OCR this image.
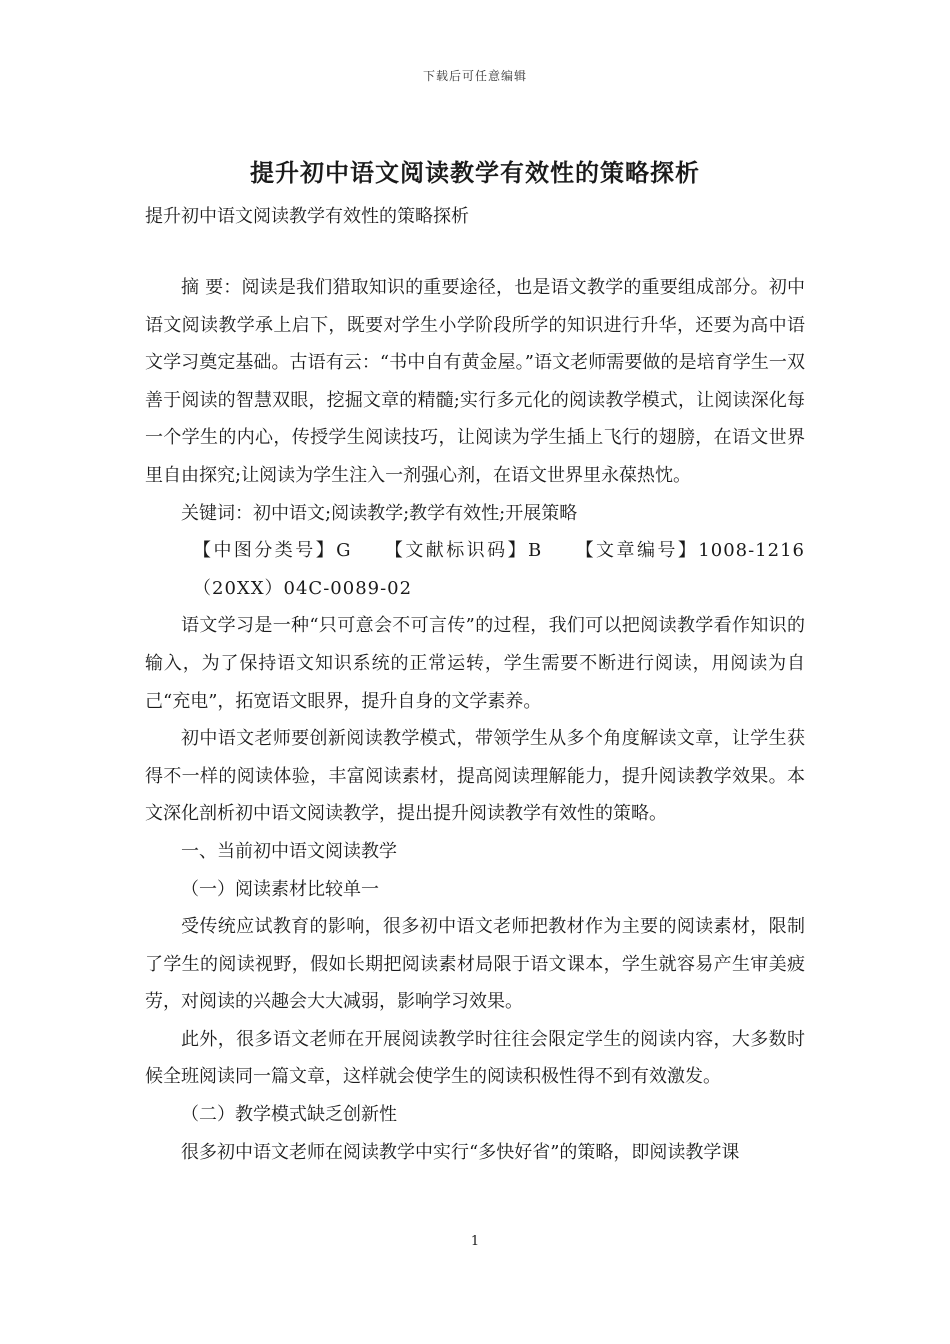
下载后可任意编辑
提升初中语文阅读教学有效性的策略探析
提升初中语文阅读教学有效性的策略探析

摘 要：阅读是我们猎取知识的重要途径，也是语文教学的重要组成部分。初中语文阅读教学承上启下，既要对学生小学阶段所学的知识进行升华，还要为高中语文学习奠定基础。古语有云：“书中自有黄金屋。”语文老师需要做的是培育学生一双善于阅读的智慧双眼，挖掘文章的精髓;实行多元化的阅读教学模式，让阅读深化每一个学生的内心，传授学生阅读技巧，让阅读为学生插上飞行的翅膀，在语文世界里自由探究;让阅读为学生注入一剂强心剂，在语文世界里永葆热忱。

关键词：初中语文;阅读教学;教学有效性;开展策略

【中图分类号】G　　【文献标识码】B　　【文章编号】1008-1216（20XX）04C-0089-02

语文学习是一种“只可意会不可言传”的过程，我们可以把阅读教学看作知识的输入，为了保持语文知识系统的正常运转，学生需要不断进行阅读，用阅读为自己“充电”，拓宽语文眼界，提升自身的文学素养。

初中语文老师要创新阅读教学模式，带领学生从多个角度解读文章，让学生获得不一样的阅读体验，丰富阅读素材，提高阅读理解能力，提升阅读教学效果。本文深化剖析初中语文阅读教学，提出提升阅读教学有效性的策略。

一、当前初中语文阅读教学

（一）阅读素材比较单一

受传统应试教育的影响，很多初中语文老师把教材作为主要的阅读素材，限制了学生的阅读视野，假如长期把阅读素材局限于语文课本，学生就容易产生审美疲劳，对阅读的兴趣会大大减弱，影响学习效果。

此外，很多语文老师在开展阅读教学时往往会限定学生的阅读内容，大多数时候全班阅读同一篇文章，这样就会使学生的阅读积极性得不到有效激发。

（二）教学模式缺乏创新性

很多初中语文老师在阅读教学中实行“多快好省”的策略，即阅读教学课

1
